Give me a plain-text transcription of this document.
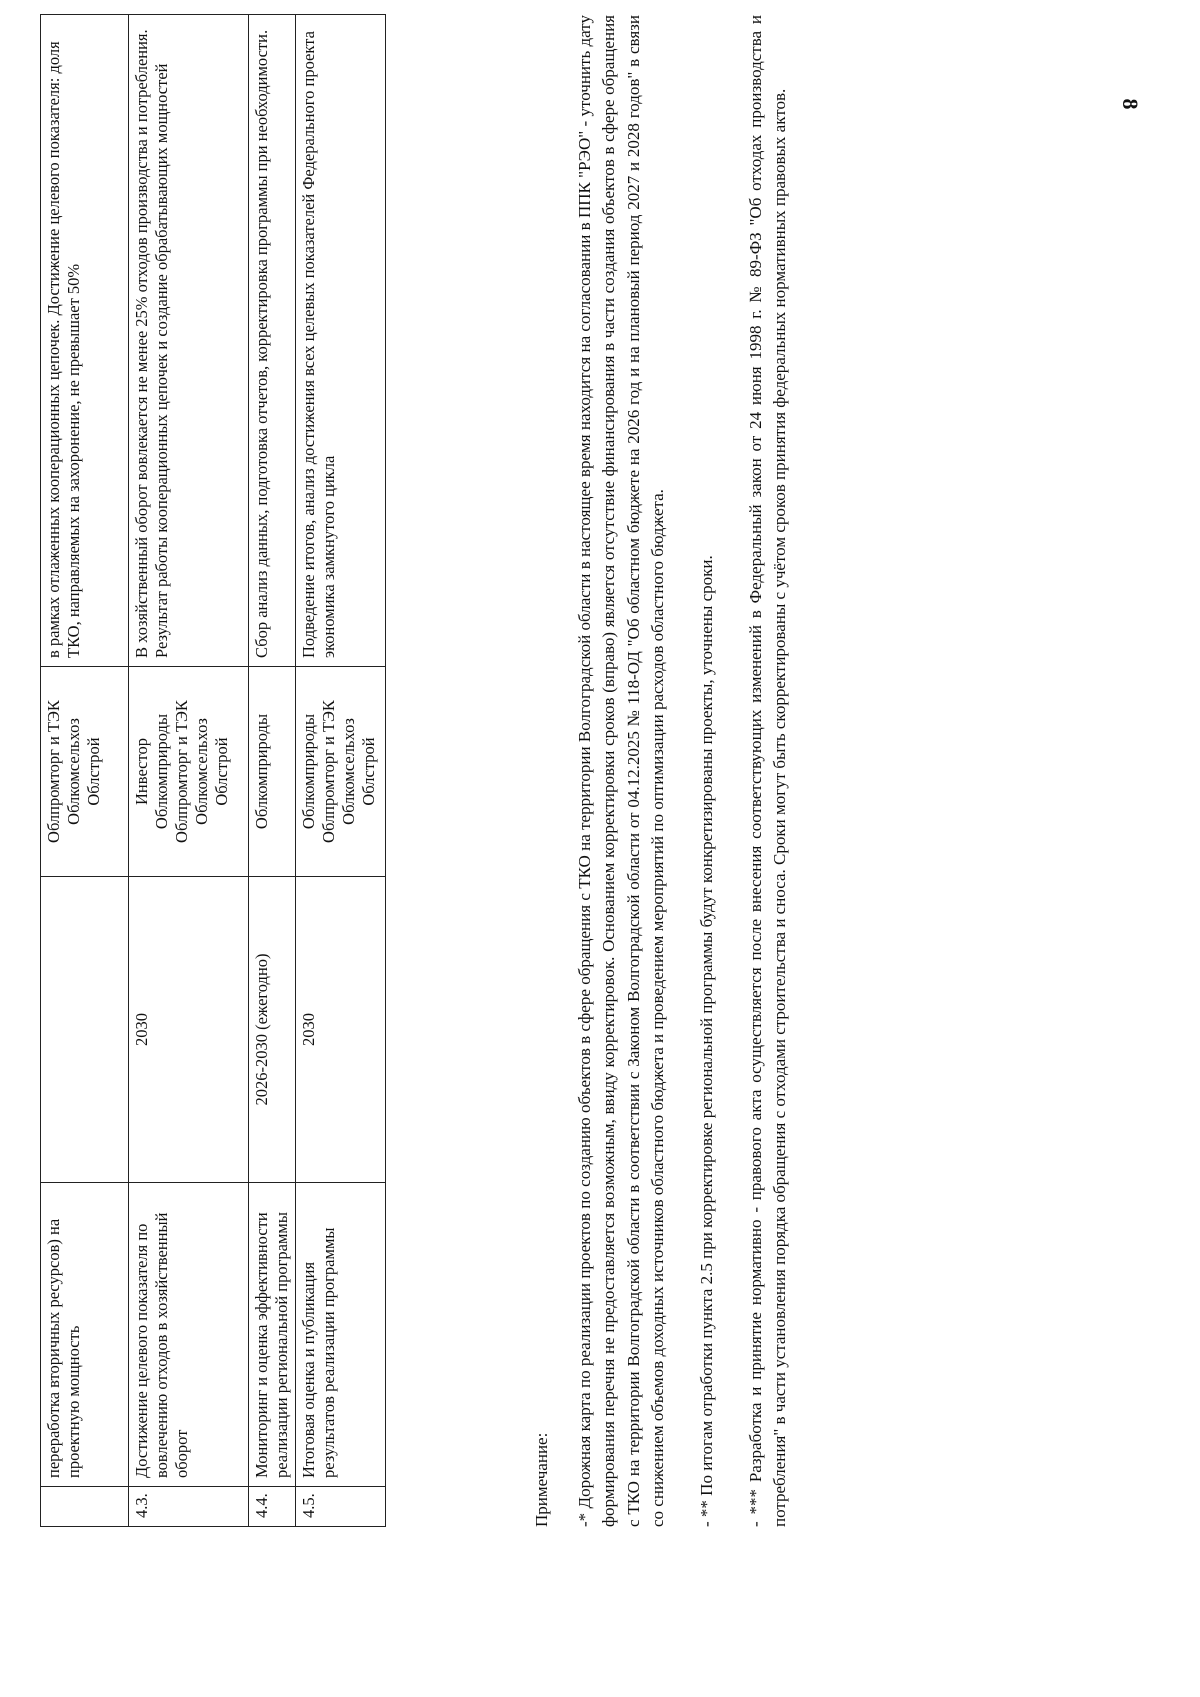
8
	переработка вторичных ресурсов) на проектную мощность		Облпромторг и ТЭК Облкомсельхоз Облстрой	в рамках отлаженных кооперационных цепочек. Достижение целевого показателя: доля ТКО, направляемых на захоронение, не превышает 50%
4.3.	Достижение целевого показателя по вовлечению отходов в хозяйственный оборот	2030	Инвестор Облкомприроды Облпромторг и ТЭК Облкомсельхоз Облстрой	В хозяйственный оборот вовлекается не менее 25% отходов производства и потребления. Результат работы кооперационных цепочек и создание обрабатывающих мощностей
4.4.	Мониторинг и оценка эффективности реализации региональной программы	2026-2030 (ежегодно)	Облкомприроды	Сбор анализ данных, подготовка отчетов, корректировка программы при необходимости.
4.5.	Итоговая оценка и публикация результатов реализации программы	2030	Облкомприроды Облпромторг и ТЭК Облкомсельхоз Облстрой	Подведение итогов, анализ достижения всех целевых показателей Федерального проекта экономика замкнутого цикла
Примечание: -* Дорожная карта по реализации проектов по созданию объектов в сфере обращения с ТКО на территории Волгоградской области в настоящее время находится на согласовании в ППК "РЭО" - уточнить дату формирования перечня не предоставляется возможным, ввиду корректировок. Основанием корректировки сроков (вправо) является отсутствие финансирования в части создания объектов в сфере обращения с ТКО на территории Волгоградской области в соответствии с Законом Волгоградской области от 04.12.2025 № 118-ОД "Об областном бюджете на 2026 год и на плановый период 2027 и 2028 годов" в связи со снижением объемов доходных источников областного бюджета и проведением мероприятий по оптимизации расходов областного бюджета. - ** По итогам отработки пункта 2.5 при корректировке региональной программы будут конкретизированы проекты, уточнены сроки. - *** Разработка и принятие нормативно - правового акта осуществляется после внесения соответствующих изменений в Федеральный закон от 24 июня 1998 г. № 89-ФЗ "Об отходах производства и потребления" в части установления порядка обращения с отходами строительства и сноса. Сроки могут быть скорректированы с учётом сроков принятия федеральных нормативных правовых актов.
